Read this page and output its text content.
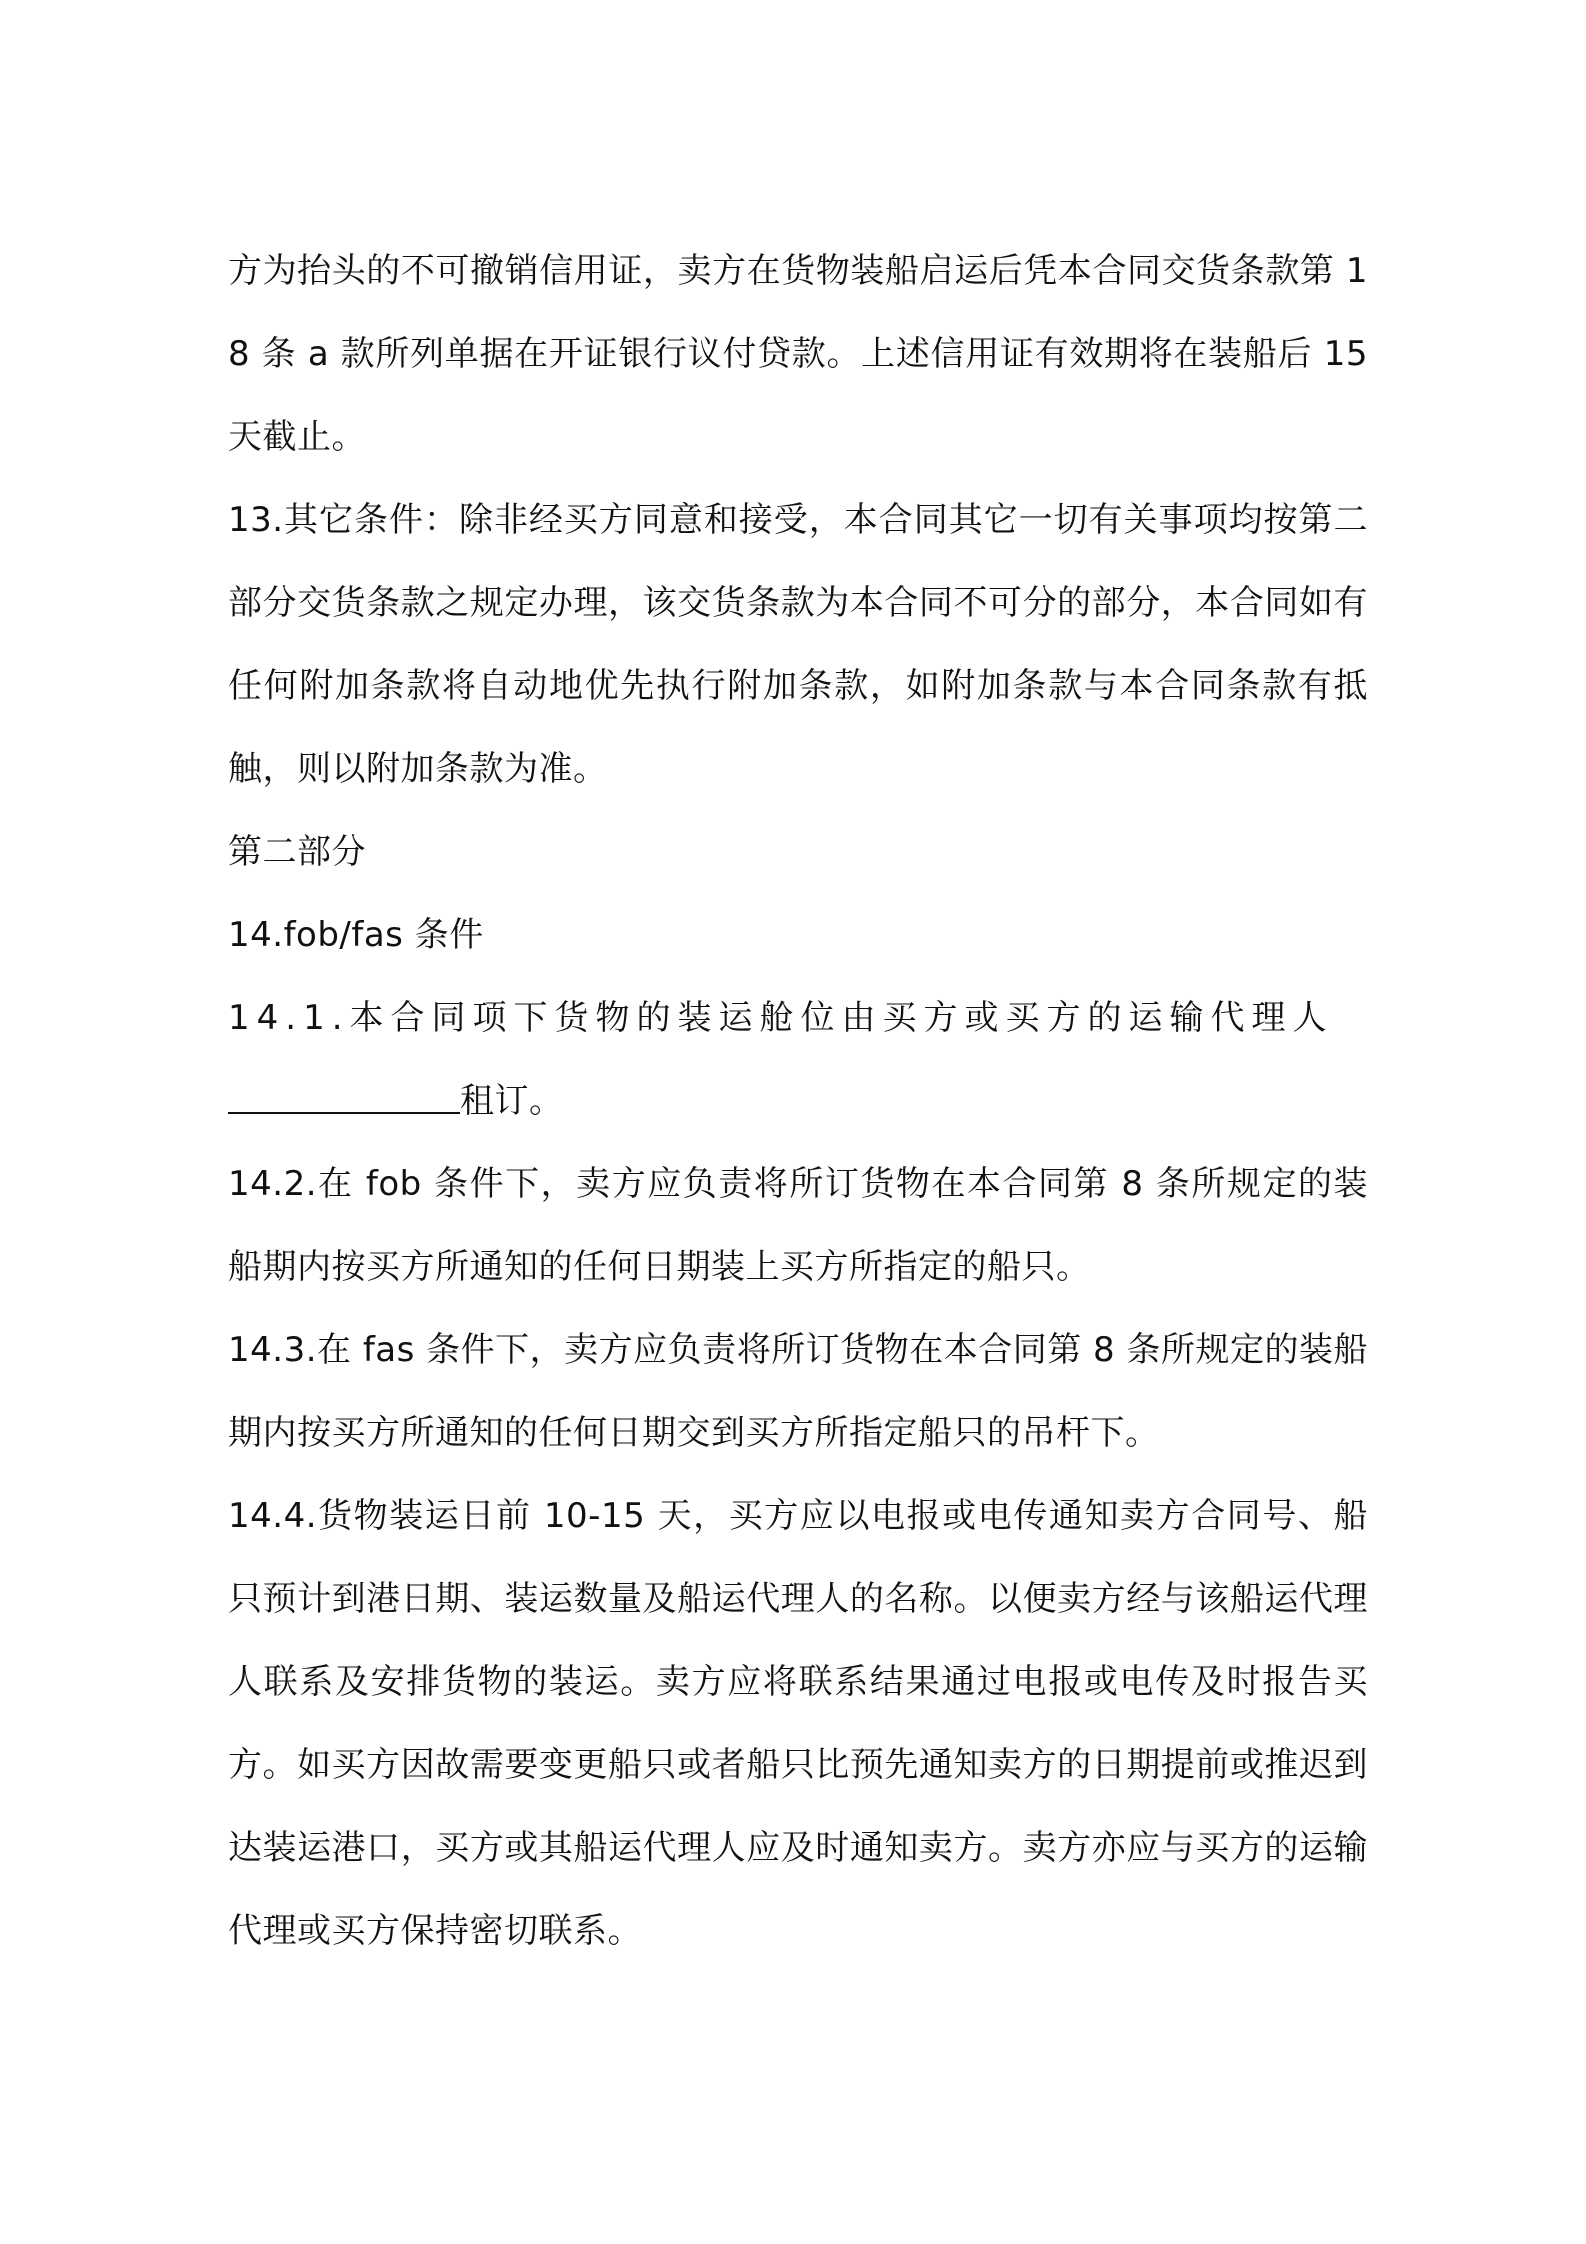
方为抬头的不可撤销信用证，卖方在货物装船启运后凭本合同交货条款第 18 条 a 款所列单据在开证银行议付贷款。上述信用证有效期将在装船后 15 天截止。

13.其它条件：除非经买方同意和接受，本合同其它一切有关事项均按第二部分交货条款之规定办理，该交货条款为本合同不可分的部分，本合同如有任何附加条款将自动地优先执行附加条款，如附加条款与本合同条款有抵触，则以附加条款为准。

第二部分

14.fob/fas 条件

14.1.本合同项下货物的装运舱位由买方或买方的运输代理人

租订。

14.2.在 fob 条件下，卖方应负责将所订货物在本合同第 8 条所规定的装船期内按买方所通知的任何日期装上买方所指定的船只。

14.3.在 fas 条件下，卖方应负责将所订货物在本合同第 8 条所规定的装船期内按买方所通知的任何日期交到买方所指定船只的吊杆下。

14.4.货物装运日前 10-15 天，买方应以电报或电传通知卖方合同号、船只预计到港日期、装运数量及船运代理人的名称。以便卖方经与该船运代理人联系及安排货物的装运。卖方应将联系结果通过电报或电传及时报告买方。如买方因故需要变更船只或者船只比预先通知卖方的日期提前或推迟到达装运港口，买方或其船运代理人应及时通知卖方。卖方亦应与买方的运输代理或买方保持密切联系。
